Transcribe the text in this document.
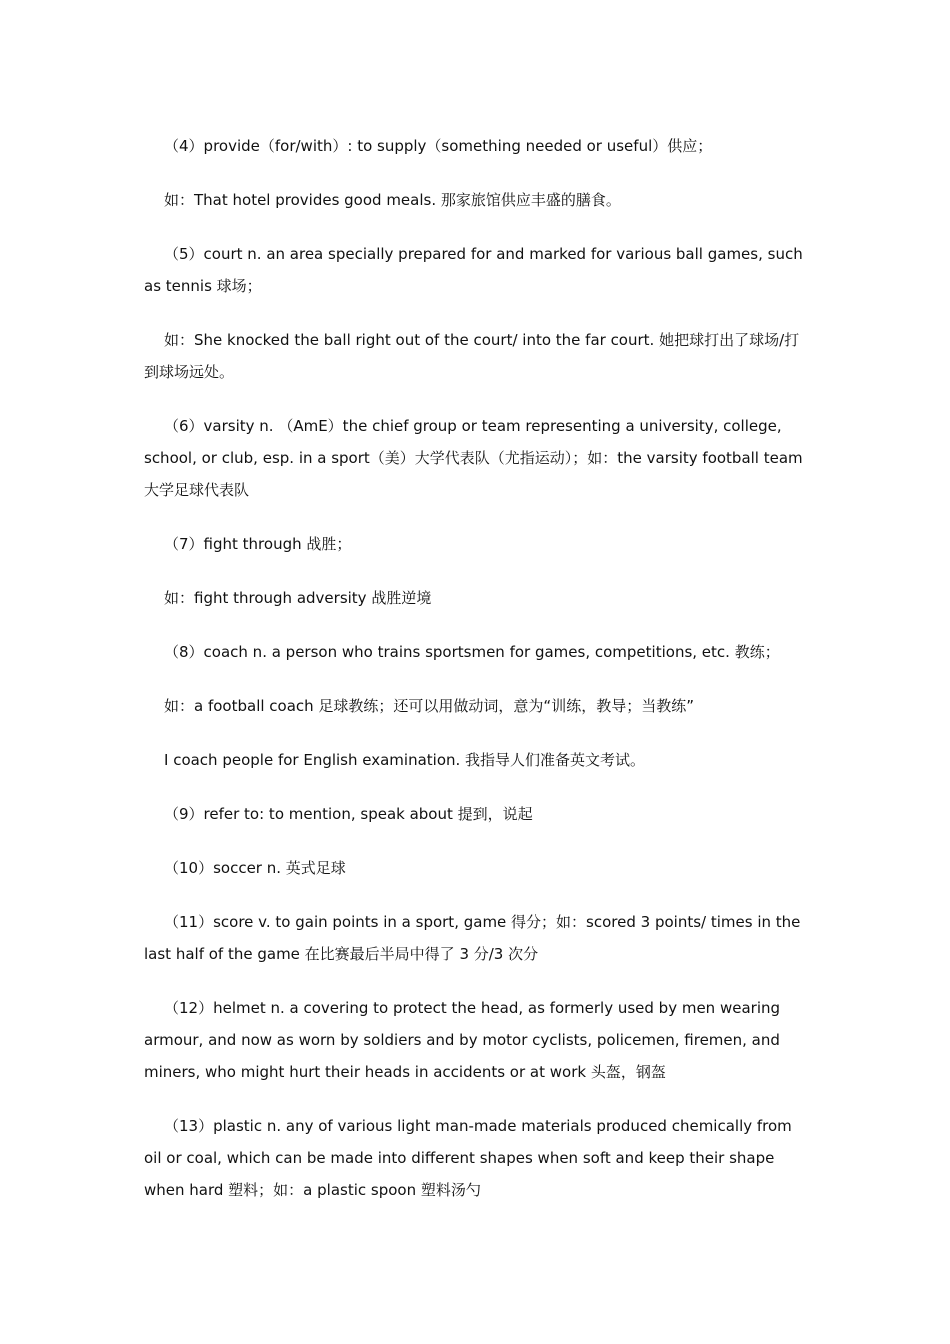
（4）provide（for/with）: to supply（something needed or useful）供应；

如：That hotel provides good meals. 那家旅馆供应丰盛的膳食。

（5）court n. an area specially prepared for and marked for various ball games, such as tennis 球场；

如：She knocked the ball right out of the court/ into the far court. 她把球打出了球场/打到球场远处。

（6）varsity n. （AmE）the chief group or team representing a university, college, school, or club, esp. in a sport（美）大学代表队（尤指运动）；如：the varsity football team 大学足球代表队

（7）fight through 战胜；

如：fight through adversity 战胜逆境

（8）coach n. a person who trains sportsmen for games, competitions, etc. 教练；

如：a football coach 足球教练；还可以用做动词，意为“训练，教导；当教练”

I coach people for English examination. 我指导人们准备英文考试。

（9）refer to: to mention, speak about 提到，说起

（10）soccer n. 英式足球

（11）score v. to gain points in a sport, game 得分；如：scored 3 points/ times in the last half of the game 在比赛最后半局中得了 3 分/3 次分

（12）helmet n. a covering to protect the head, as formerly used by men wearing armour, and now as worn by soldiers and by motor cyclists, policemen, firemen, and miners, who might hurt their heads in accidents or at work 头盔，钢盔

（13）plastic n. any of various light man-made materials produced chemically from oil or coal, which can be made into different shapes when soft and keep their shape when hard 塑料；如：a plastic spoon 塑料汤勺
